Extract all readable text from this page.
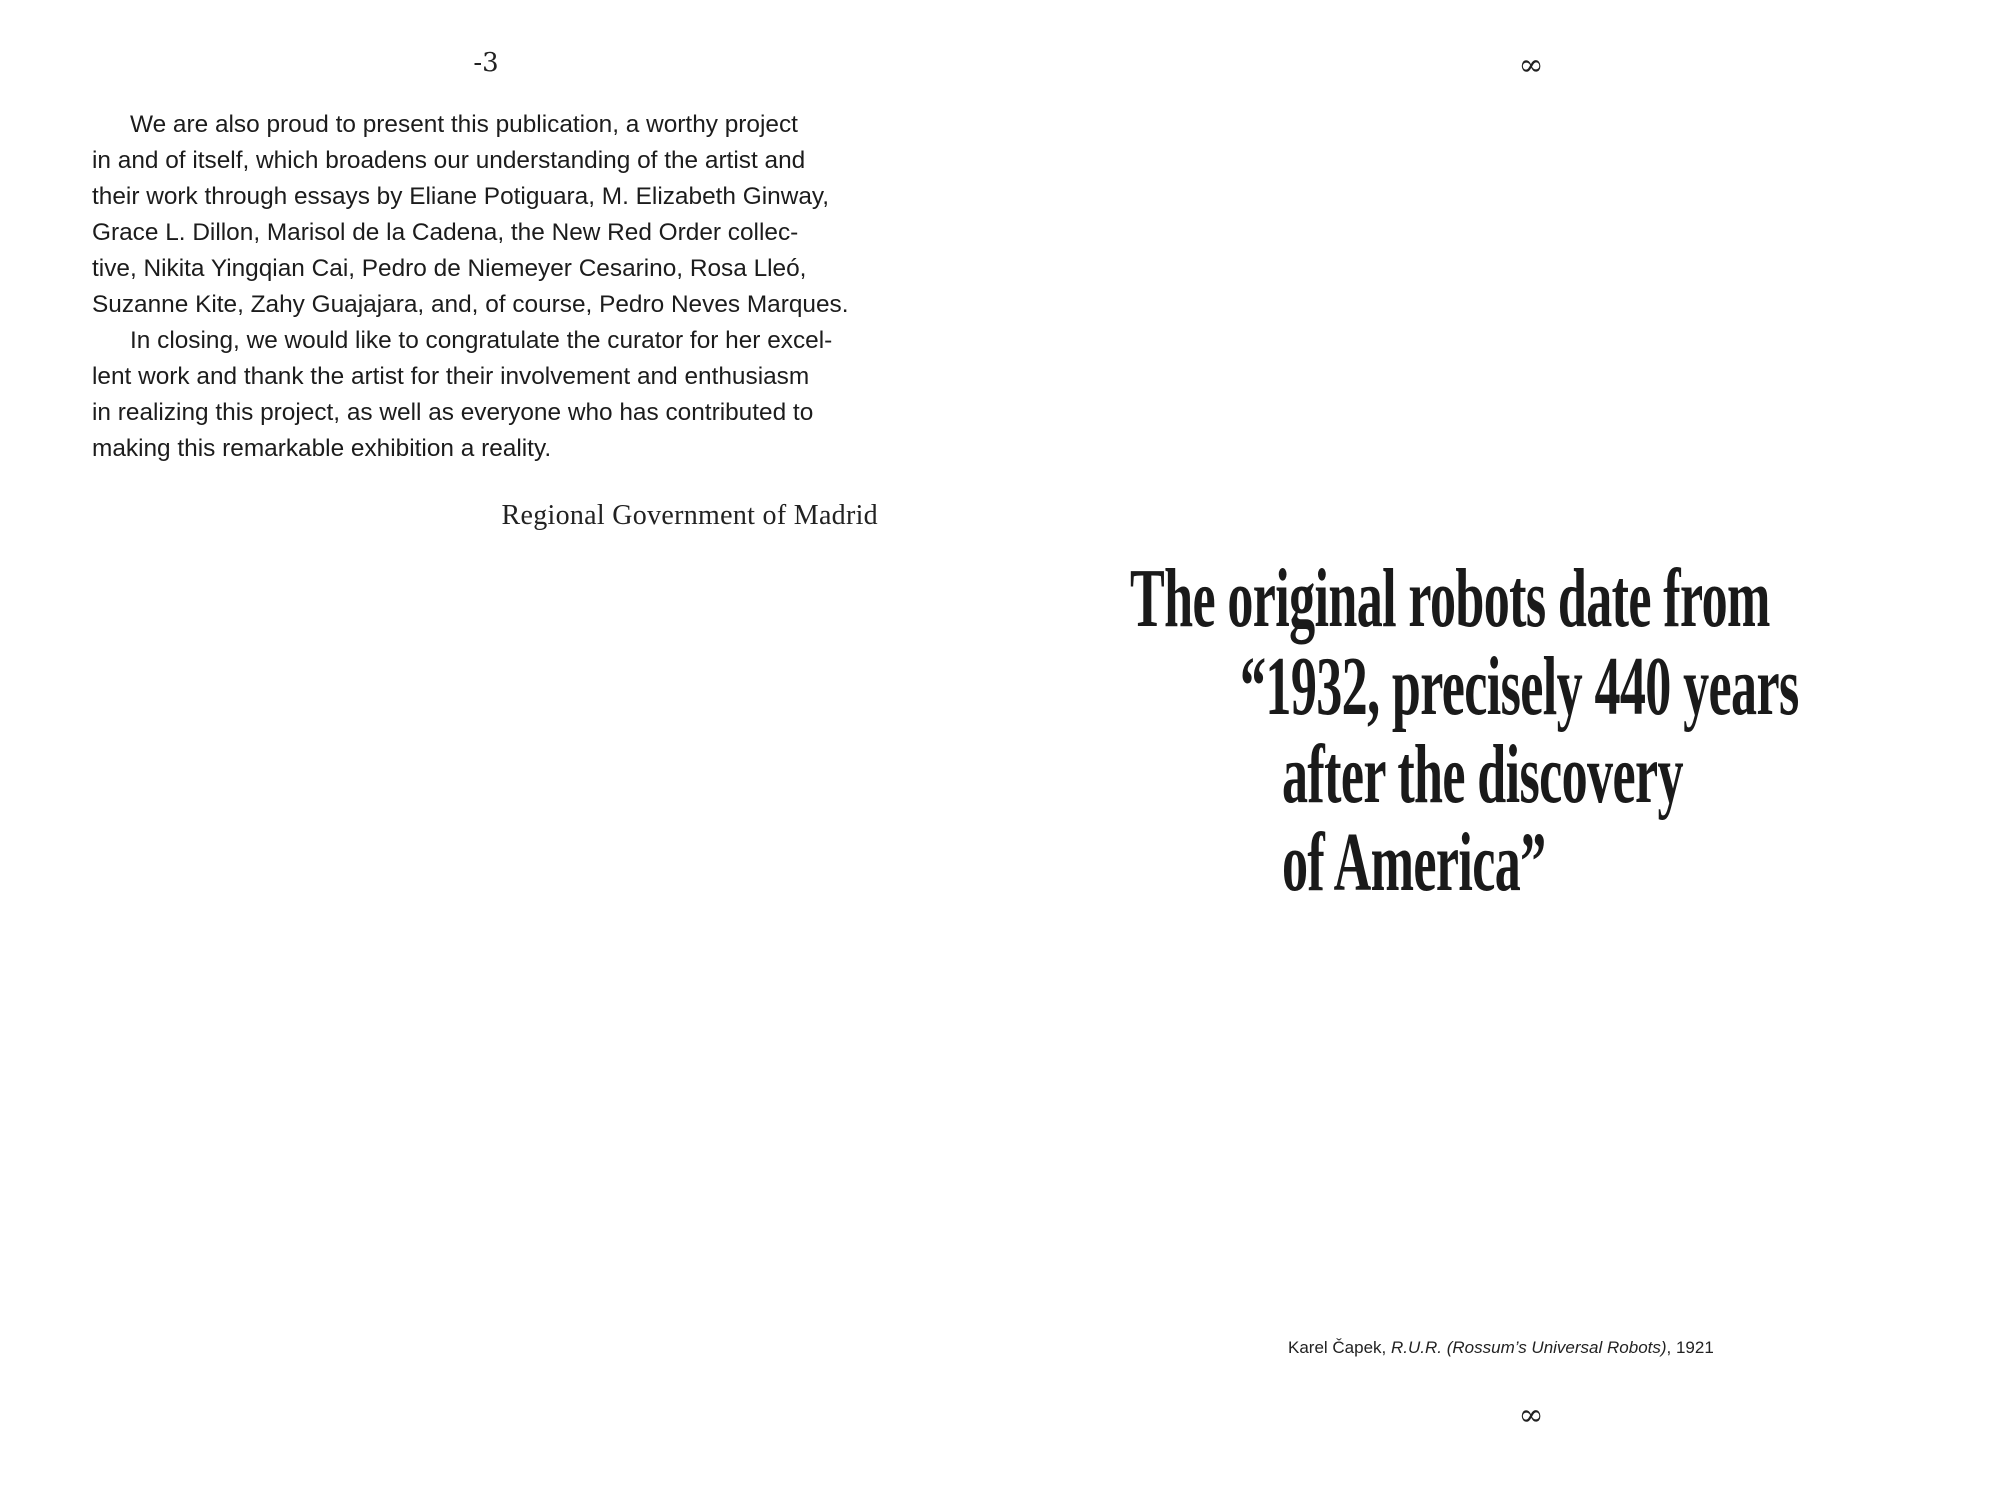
-3

We are also proud to present this publication, a worthy project
in and of itself, which broadens our understanding of the artist and
their work through essays by Eliane Potiguara, M. Elizabeth Ginway,
Grace L. Dillon, Marisol de la Cadena, the New Red Order collec-
tive, Nikita Yingqian Cai, Pedro de Niemeyer Cesarino, Rosa Lleó,
Suzanne Kite, Zahy Guajajara, and, of course, Pedro Neves Marques.

In closing, we would like to congratulate the curator for her excel-
lent work and thank the artist for their involvement and enthusiasm
in realizing this project, as well as everyone who has contributed to
making this remarkable exhibition a reality.

Regional Government of Madrid
∞
The original robots date from
“1932, precisely 440 years
after the discovery
of America”
Karel Čapek, R.U.R. (Rossum’s Universal Robots), 1921
∞
